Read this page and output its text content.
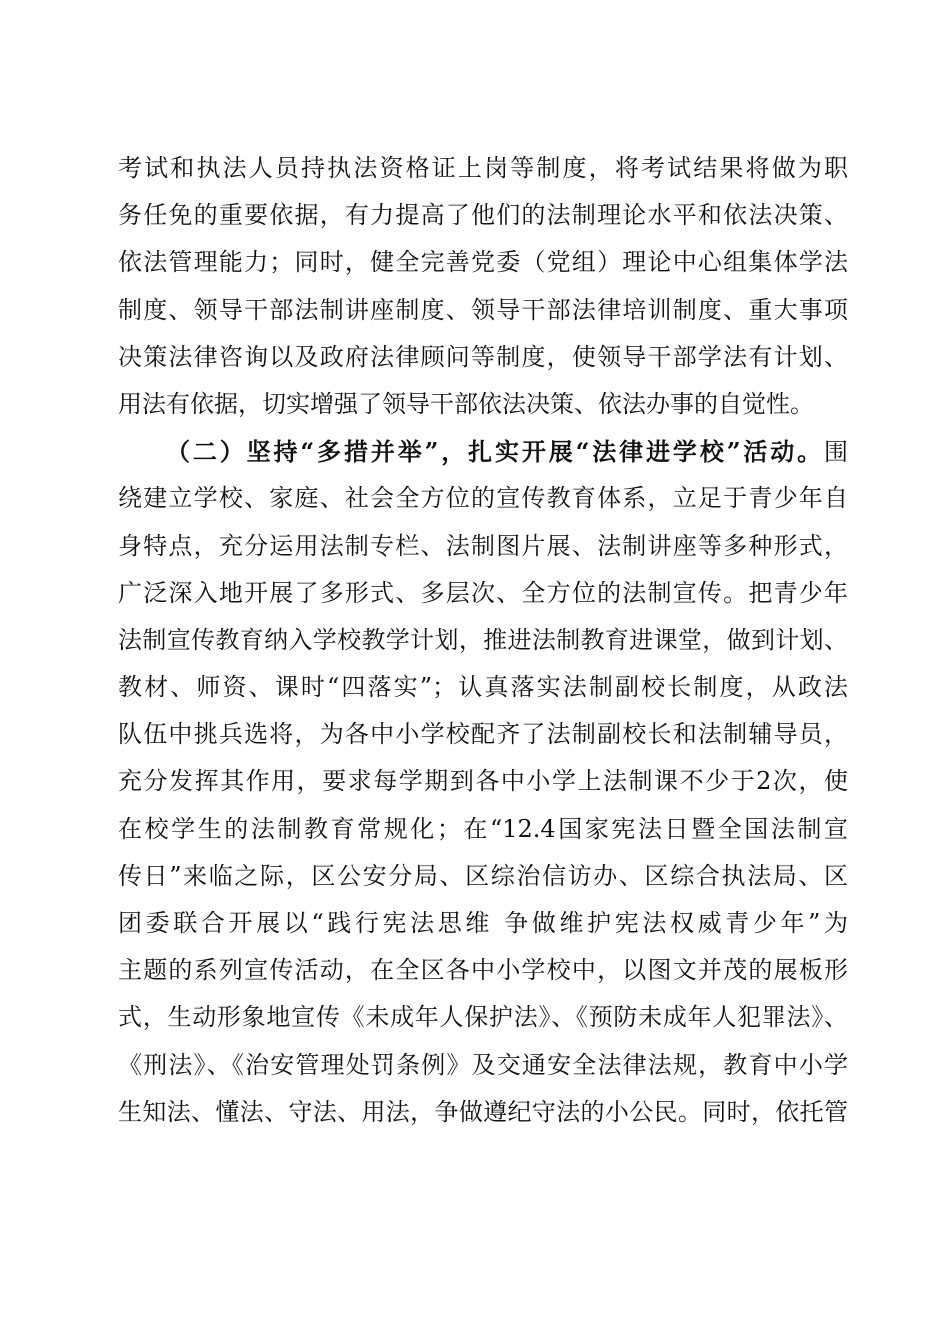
考试和执法人员持执法资格证上岗等制度，将考试结果将做为职
务任免的重要依据，有力提高了他们的法制理论水平和依法决策、
依法管理能力；同时，健全完善党委（党组）理论中心组集体学法
制度、领导干部法制讲座制度、领导干部法律培训制度、重大事项
决策法律咨询以及政府法律顾问等制度，使领导干部学法有计划、
用法有依据，切实增强了领导干部依法决策、依法办事的自觉性。
（二）坚持“多措并举”，扎实开展“法律进学校”活动。围
绕建立学校、家庭、社会全方位的宣传教育体系，立足于青少年自
身特点，充分运用法制专栏、法制图片展、法制讲座等多种形式，
广泛深入地开展了多形式、多层次、全方位的法制宣传。把青少年
法制宣传教育纳入学校教学计划，推进法制教育进课堂，做到计划、
教材、师资、课时“四落实”；认真落实法制副校长制度，从政法
队伍中挑兵选将，为各中小学校配齐了法制副校长和法制辅导员，
充分发挥其作用，要求每学期到各中小学上法制课不少于2次，使
在校学生的法制教育常规化；在“12.4国家宪法日暨全国法制宣
传日”来临之际，区公安分局、区综治信访办、区综合执法局、区
团委联合开展以“践行宪法思维 争做维护宪法权威青少年”为
主题的系列宣传活动，在全区各中小学校中，以图文并茂的展板形
式，生动形象地宣传《未成年人保护法》、《预防未成年人犯罪法》、
《刑法》、《治安管理处罚条例》及交通安全法律法规，教育中小学
生知法、懂法、守法、用法，争做遵纪守法的小公民。同时，依托管
